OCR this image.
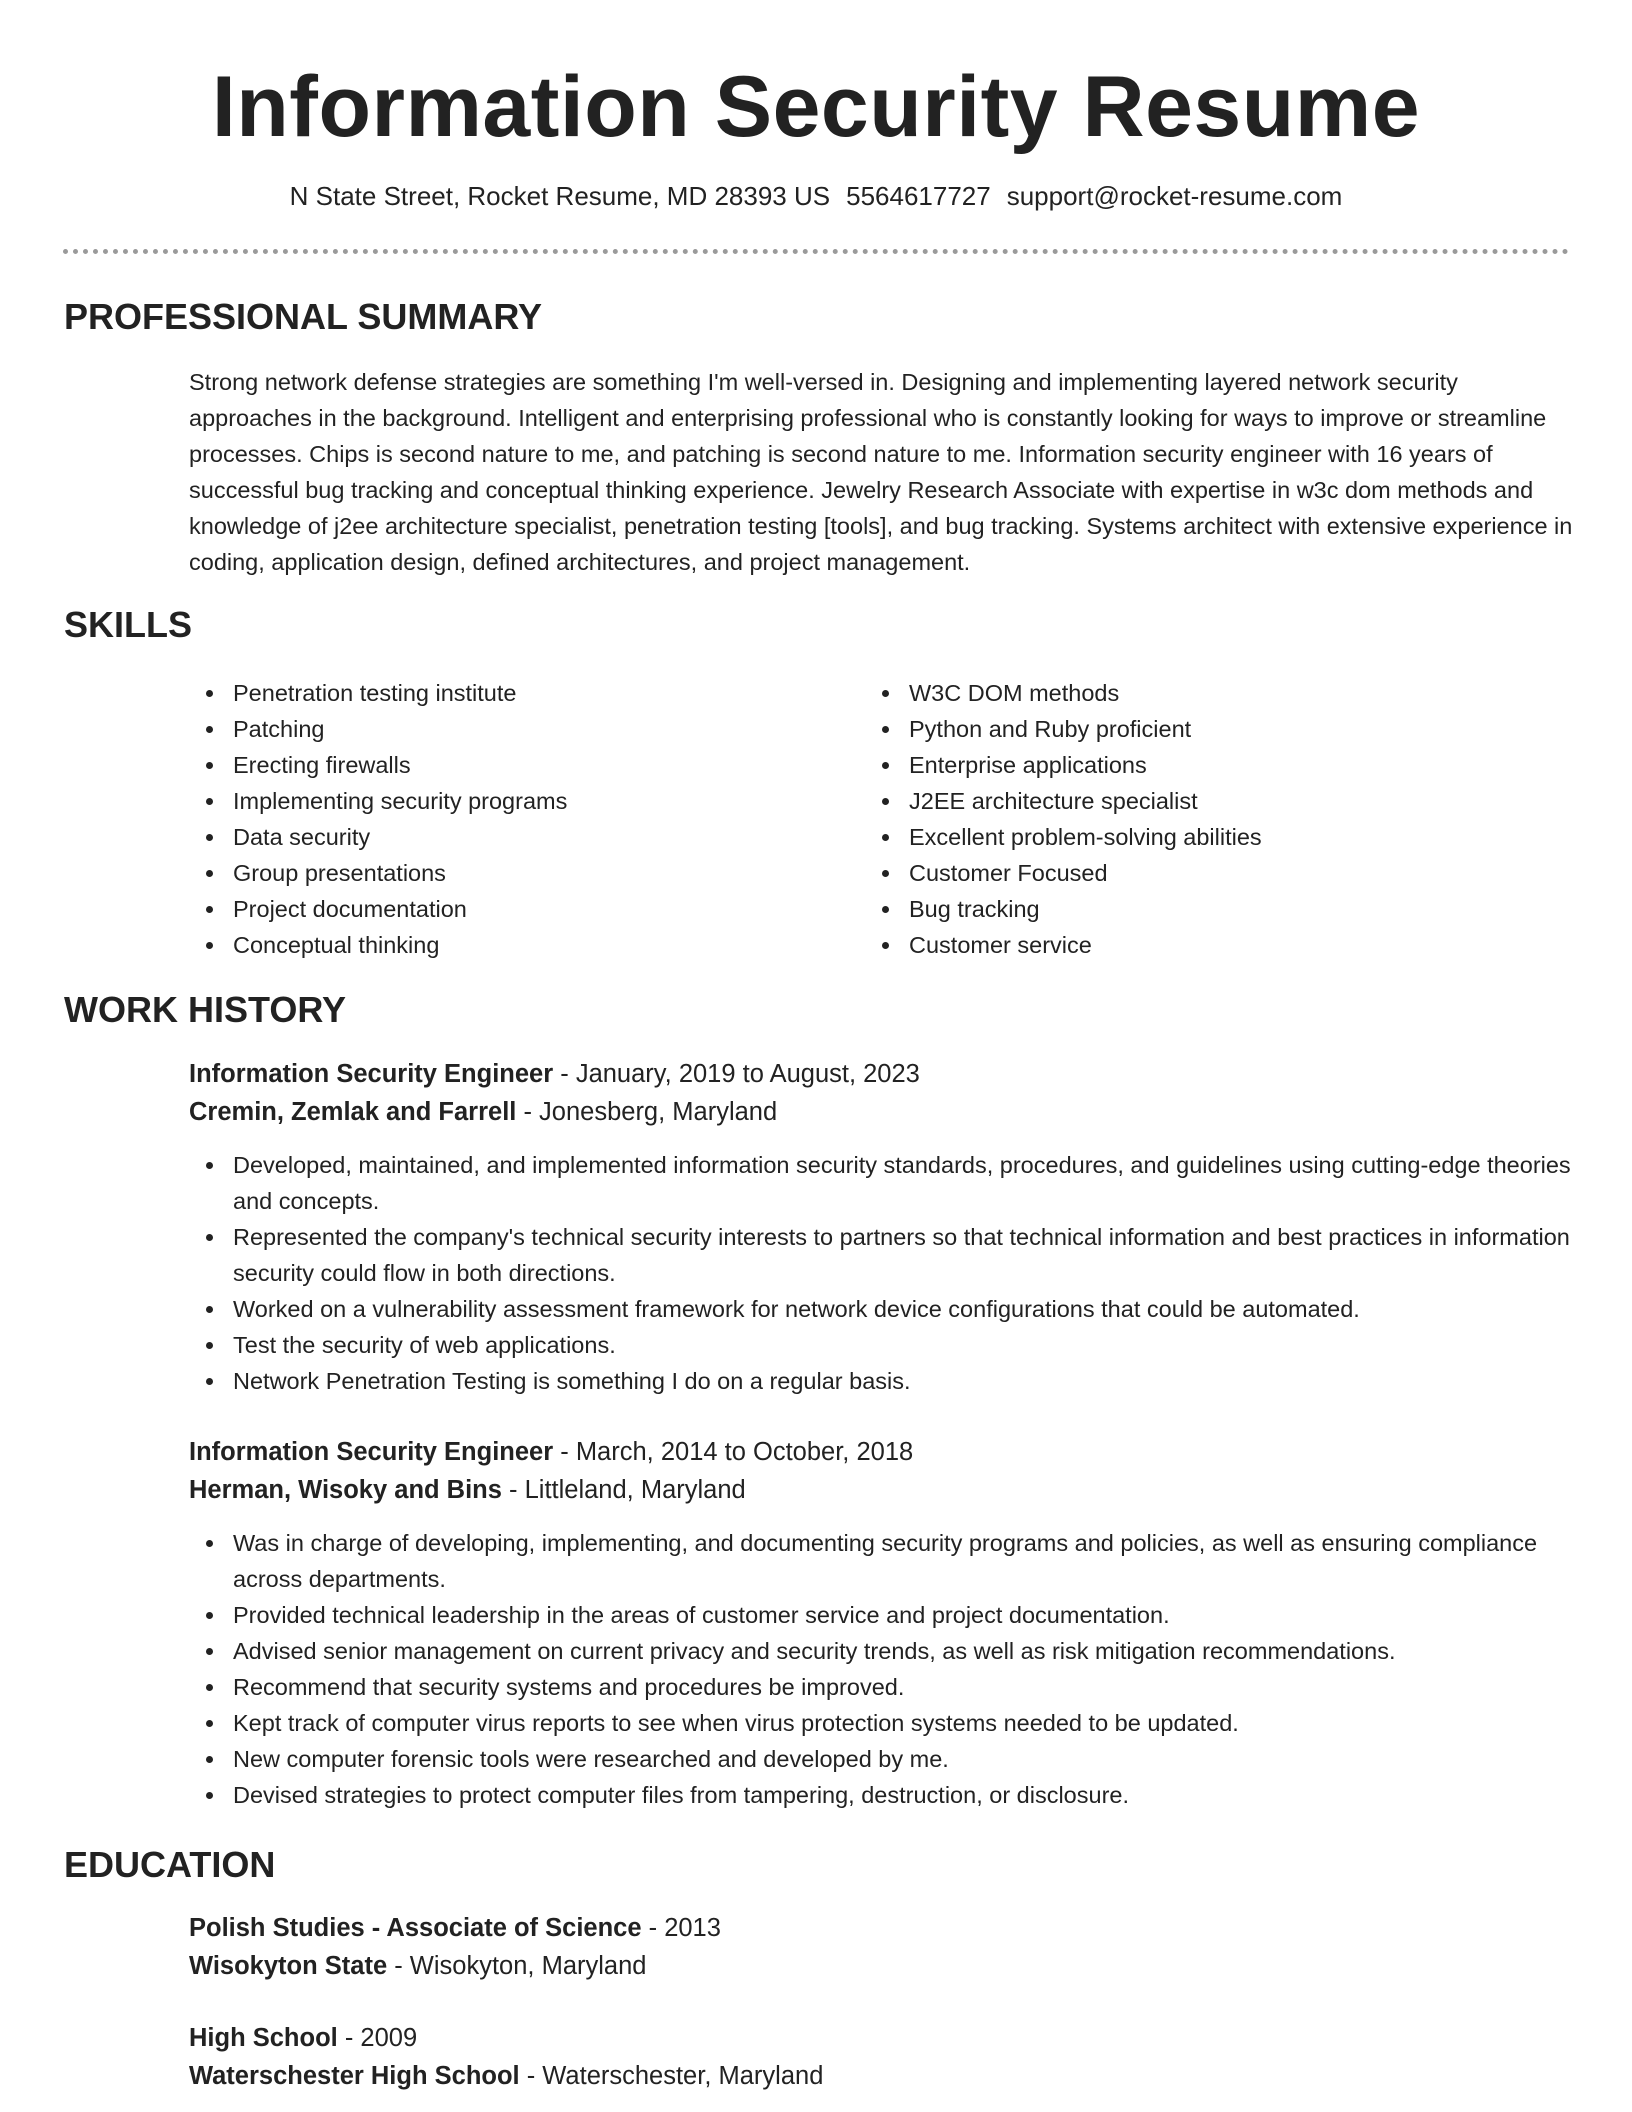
Information Security Resume
N State Street, Rocket Resume, MD 28393 US 5564617727 support@rocket-resume.com
PROFESSIONAL SUMMARY

Strong network defense strategies are something I'm well-versed in. Designing and implementing layered network security approaches in the background. Intelligent and enterprising professional who is constantly looking for ways to improve or streamline processes. Chips is second nature to me, and patching is second nature to me. Information security engineer with 16 years of successful bug tracking and conceptual thinking experience. Jewelry Research Associate with expertise in w3c dom methods and knowledge of j2ee architecture specialist, penetration testing [tools], and bug tracking. Systems architect with extensive experience in coding, application design, defined architectures, and project management.

SKILLS
Penetration testing institute
Patching
Erecting firewalls
Implementing security programs
Data security
Group presentations
Project documentation
Conceptual thinking
W3C DOM methods
Python and Ruby proficient
Enterprise applications
J2EE architecture specialist
Excellent problem-solving abilities
Customer Focused
Bug tracking
Customer service
WORK HISTORY
Information Security Engineer - January, 2019 to August, 2023
Cremin, Zemlak and Farrell - Jonesberg, Maryland
Developed, maintained, and implemented information security standards, procedures, and guidelines using cutting-edge theories and concepts.
Represented the company's technical security interests to partners so that technical information and best practices in information security could flow in both directions.
Worked on a vulnerability assessment framework for network device configurations that could be automated.
Test the security of web applications.
Network Penetration Testing is something I do on a regular basis.
Information Security Engineer - March, 2014 to October, 2018
Herman, Wisoky and Bins - Littleland, Maryland
Was in charge of developing, implementing, and documenting security programs and policies, as well as ensuring compliance across departments.
Provided technical leadership in the areas of customer service and project documentation.
Advised senior management on current privacy and security trends, as well as risk mitigation recommendations.
Recommend that security systems and procedures be improved.
Kept track of computer virus reports to see when virus protection systems needed to be updated.
New computer forensic tools were researched and developed by me.
Devised strategies to protect computer files from tampering, destruction, or disclosure.
EDUCATION
Polish Studies - Associate of Science - 2013
Wisokyton State - Wisokyton, Maryland
High School - 2009
Waterschester High School - Waterschester, Maryland
